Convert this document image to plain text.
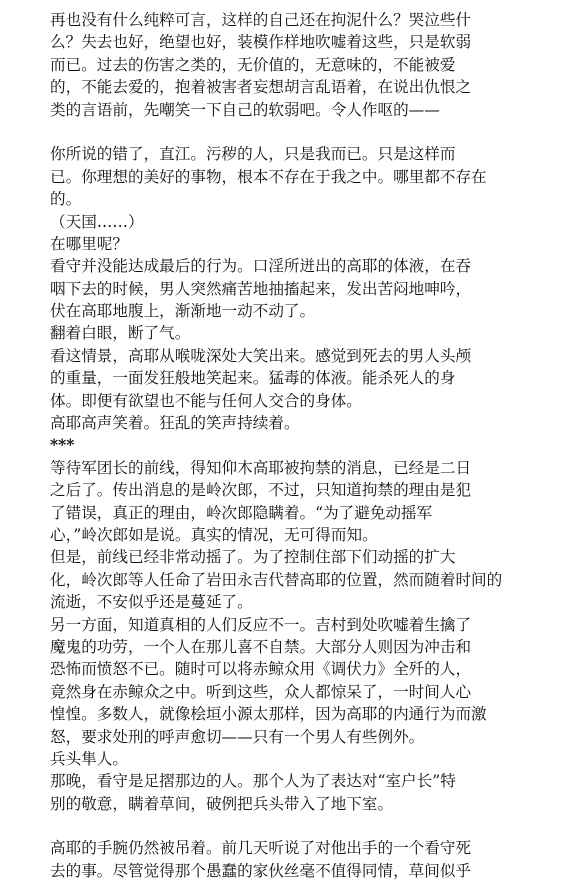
再也没有什么纯粹可言，这样的自己还在拘泥什么？哭泣些什
么？失去也好，绝望也好，装模作样地吹嘘着这些，只是软弱
而已。过去的伤害之类的，无价值的，无意味的，不能被爱
的，不能去爱的，抱着被害者妄想胡言乱语着，在说出仇恨之
类的言语前，先嘲笑一下自己的软弱吧。令人作呕的——
你所说的错了，直江。污秽的人，只是我而已。只是这样而
已。你理想的美好的事物，根本不存在于我之中。哪里都不存在
的。
（天国……）
在哪里呢？
看守并没能达成最后的行为。口淫所迸出的高耶的体液，在吞
咽下去的时候，男人突然痛苦地抽搐起来，发出苦闷地呻吟，
伏在高耶地腹上，渐渐地一动不动了。
翻着白眼，断了气。
看这情景，高耶从喉咙深处大笑出来。感觉到死去的男人头颅
的重量，一面发狂般地笑起来。猛毒的体液。能杀死人的身
体。即便有欲望也不能与任何人交合的身体。
高耶高声笑着。狂乱的笑声持续着。
***
等待军团长的前线，得知仰木高耶被拘禁的消息，已经是二日
之后了。传出消息的是岭次郎，不过，只知道拘禁的理由是犯
了错误，真正的理由，岭次郎隐瞒着。“为了避免动摇军
心，”岭次郎如是说。真实的情况，无可得而知。
但是，前线已经非常动摇了。为了控制住部下们动摇的扩大
化，岭次郎等人任命了岩田永吉代替高耶的位置，然而随着时间的
流逝，不安似乎还是蔓延了。
另一方面，知道真相的人们反应不一。吉村到处吹嘘着生擒了
魔鬼的功劳，一个人在那儿喜不自禁。大部分人则因为冲击和
恐怖而愤怒不已。随时可以将赤鲸众用《调伏力》全歼的人，
竟然身在赤鲸众之中。听到这些，众人都惊呆了，一时间人心
惶惶。多数人，就像桧垣小源太那样，因为高耶的内通行为而激
怒，要求处刑的呼声愈切——只有一个男人有些例外。
兵头隼人。
那晚，看守是足摺那边的人。那个人为了表达对“室户长”特
别的敬意，瞒着草间，破例把兵头带入了地下室。
高耶的手腕仍然被吊着。前几天听说了对他出手的一个看守死
去的事。尽管觉得那个愚蠢的家伙丝毫不值得同情，草间似乎
